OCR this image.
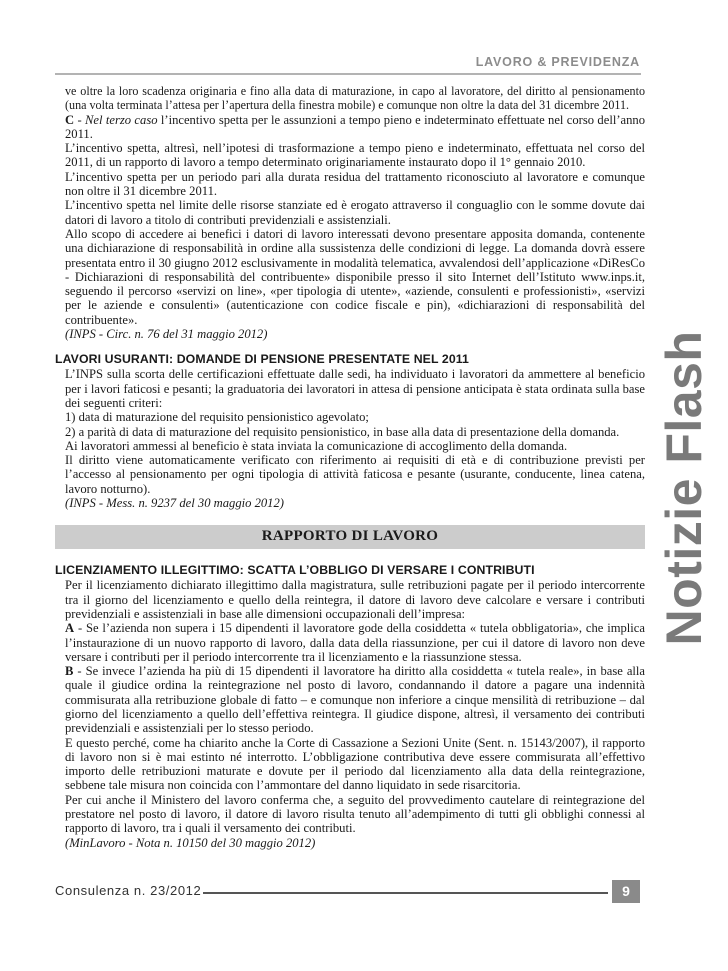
LAVORO & PREVIDENZA
Notizie Flash

ve oltre la loro scadenza originaria e fino alla data di maturazione, in capo al lavoratore, del diritto al pensionamento (una volta terminata l’attesa per l’apertura della finestra mobile) e comunque non oltre la data del 31 dicembre 2011.

C - Nel terzo caso l’incentivo spetta per le assunzioni a tempo pieno e indeterminato effettuate nel corso dell’anno 2011.

L’incentivo spetta, altresì, nell’ipotesi di trasformazione a tempo pieno e indeterminato, effettuata nel corso del 2011, di un rapporto di lavoro a tempo determinato originariamente instaurato dopo il 1° gennaio 2010.

L’incentivo spetta per un periodo pari alla durata residua del trattamento riconosciuto al lavoratore e comunque non oltre il 31 dicembre 2011.

L’incentivo spetta nel limite delle risorse stanziate ed è erogato attraverso il conguaglio con le somme dovute dai datori di lavoro a titolo di contributi previdenziali e assistenziali.

Allo scopo di accedere ai benefici i datori di lavoro interessati devono presentare apposita domanda, contenente una dichiarazione di responsabilità in ordine alla sussistenza delle condizioni di legge. La domanda dovrà essere presentata entro il 30 giugno 2012 esclusivamente in modalità telematica, avvalendosi dell’applicazione «DiResCo - Dichiarazioni di responsabilità del contribuente» disponibile presso il sito Internet dell’Istituto www.inps.it, seguendo il percorso «servizi on line», «per tipologia di utente», «aziende, consulenti e professionisti», «servizi per le aziende e consulenti» (autenticazione con codice fiscale e pin), «dichiarazioni di responsabilità del contribuente».

(INPS - Circ. n. 76 del 31 maggio 2012)

LAVORI USURANTI: DOMANDE DI PENSIONE PRESENTATE NEL 2011

L’INPS sulla scorta delle certificazioni effettuate dalle sedi, ha individuato i lavoratori da ammettere al beneficio per i lavori faticosi e pesanti; la graduatoria dei lavoratori in attesa di pensione anticipata è stata ordinata sulla base dei seguenti criteri:

1) data di maturazione del requisito pensionistico agevolato;

2) a parità di data di maturazione del requisito pensionistico, in base alla data di presentazione della domanda.

Ai lavoratori ammessi al beneficio è stata inviata la comunicazione di accoglimento della domanda.

Il diritto viene automaticamente verificato con riferimento ai requisiti di età e di contribuzione previsti per l’accesso al pensionamento per ogni tipologia di attività faticosa e pesante (usurante, conducente, linea catena, lavoro notturno).

(INPS - Mess. n. 9237 del 30 maggio 2012)

RAPPORTO DI LAVORO
LICENZIAMENTO ILLEGITTIMO: SCATTA L’OBBLIGO DI VERSARE I CONTRIBUTI

Per il licenziamento dichiarato illegittimo dalla magistratura, sulle retribuzioni pagate per il periodo intercorrente tra il giorno del licenziamento e quello della reintegra, il datore di lavoro deve calcolare e versare i contributi previdenziali e assistenziali in base alle dimensioni occupazionali dell’impresa:

A - Se l’azienda non supera i 15 dipendenti il lavoratore gode della cosiddetta « tutela obbligatoria», che implica l’instaurazione di un nuovo rapporto di lavoro, dalla data della riassunzione, per cui il datore di lavoro non deve versare i contributi per il periodo intercorrente tra il licenziamento e la riassunzione stessa.

B - Se invece l’azienda ha più di 15 dipendenti il lavoratore ha diritto alla cosiddetta « tutela reale», in base alla quale il giudice ordina la reintegrazione nel posto di lavoro, condannando il datore a pagare una indennità commisurata alla retribuzione globale di fatto – e comunque non inferiore a cinque mensilità di retribuzione – dal giorno del licenziamento a quello dell’effettiva reintegra. Il giudice dispone, altresì, il versamento dei contributi previdenziali e assistenziali per lo stesso periodo.

E questo perché, come ha chiarito anche la Corte di Cassazione a Sezioni Unite (Sent. n. 15143/2007), il rapporto di lavoro non si è mai estinto né interrotto. L’obbligazione contributiva deve essere commisurata all’effettivo importo delle retribuzioni maturate e dovute per il periodo dal licenziamento alla data della reintegrazione, sebbene tale misura non coincida con l’ammontare del danno liquidato in sede risarcitoria.

Per cui anche il Ministero del lavoro conferma che, a seguito del provvedimento cautelare di reintegrazione del prestatore nel posto di lavoro, il datore di lavoro risulta tenuto all’adempimento di tutti gli obblighi connessi al rapporto di lavoro, tra i quali il versamento dei contributi.

(MinLavoro - Nota n. 10150 del 30 maggio 2012)

Consulenza n. 23/2012	9
